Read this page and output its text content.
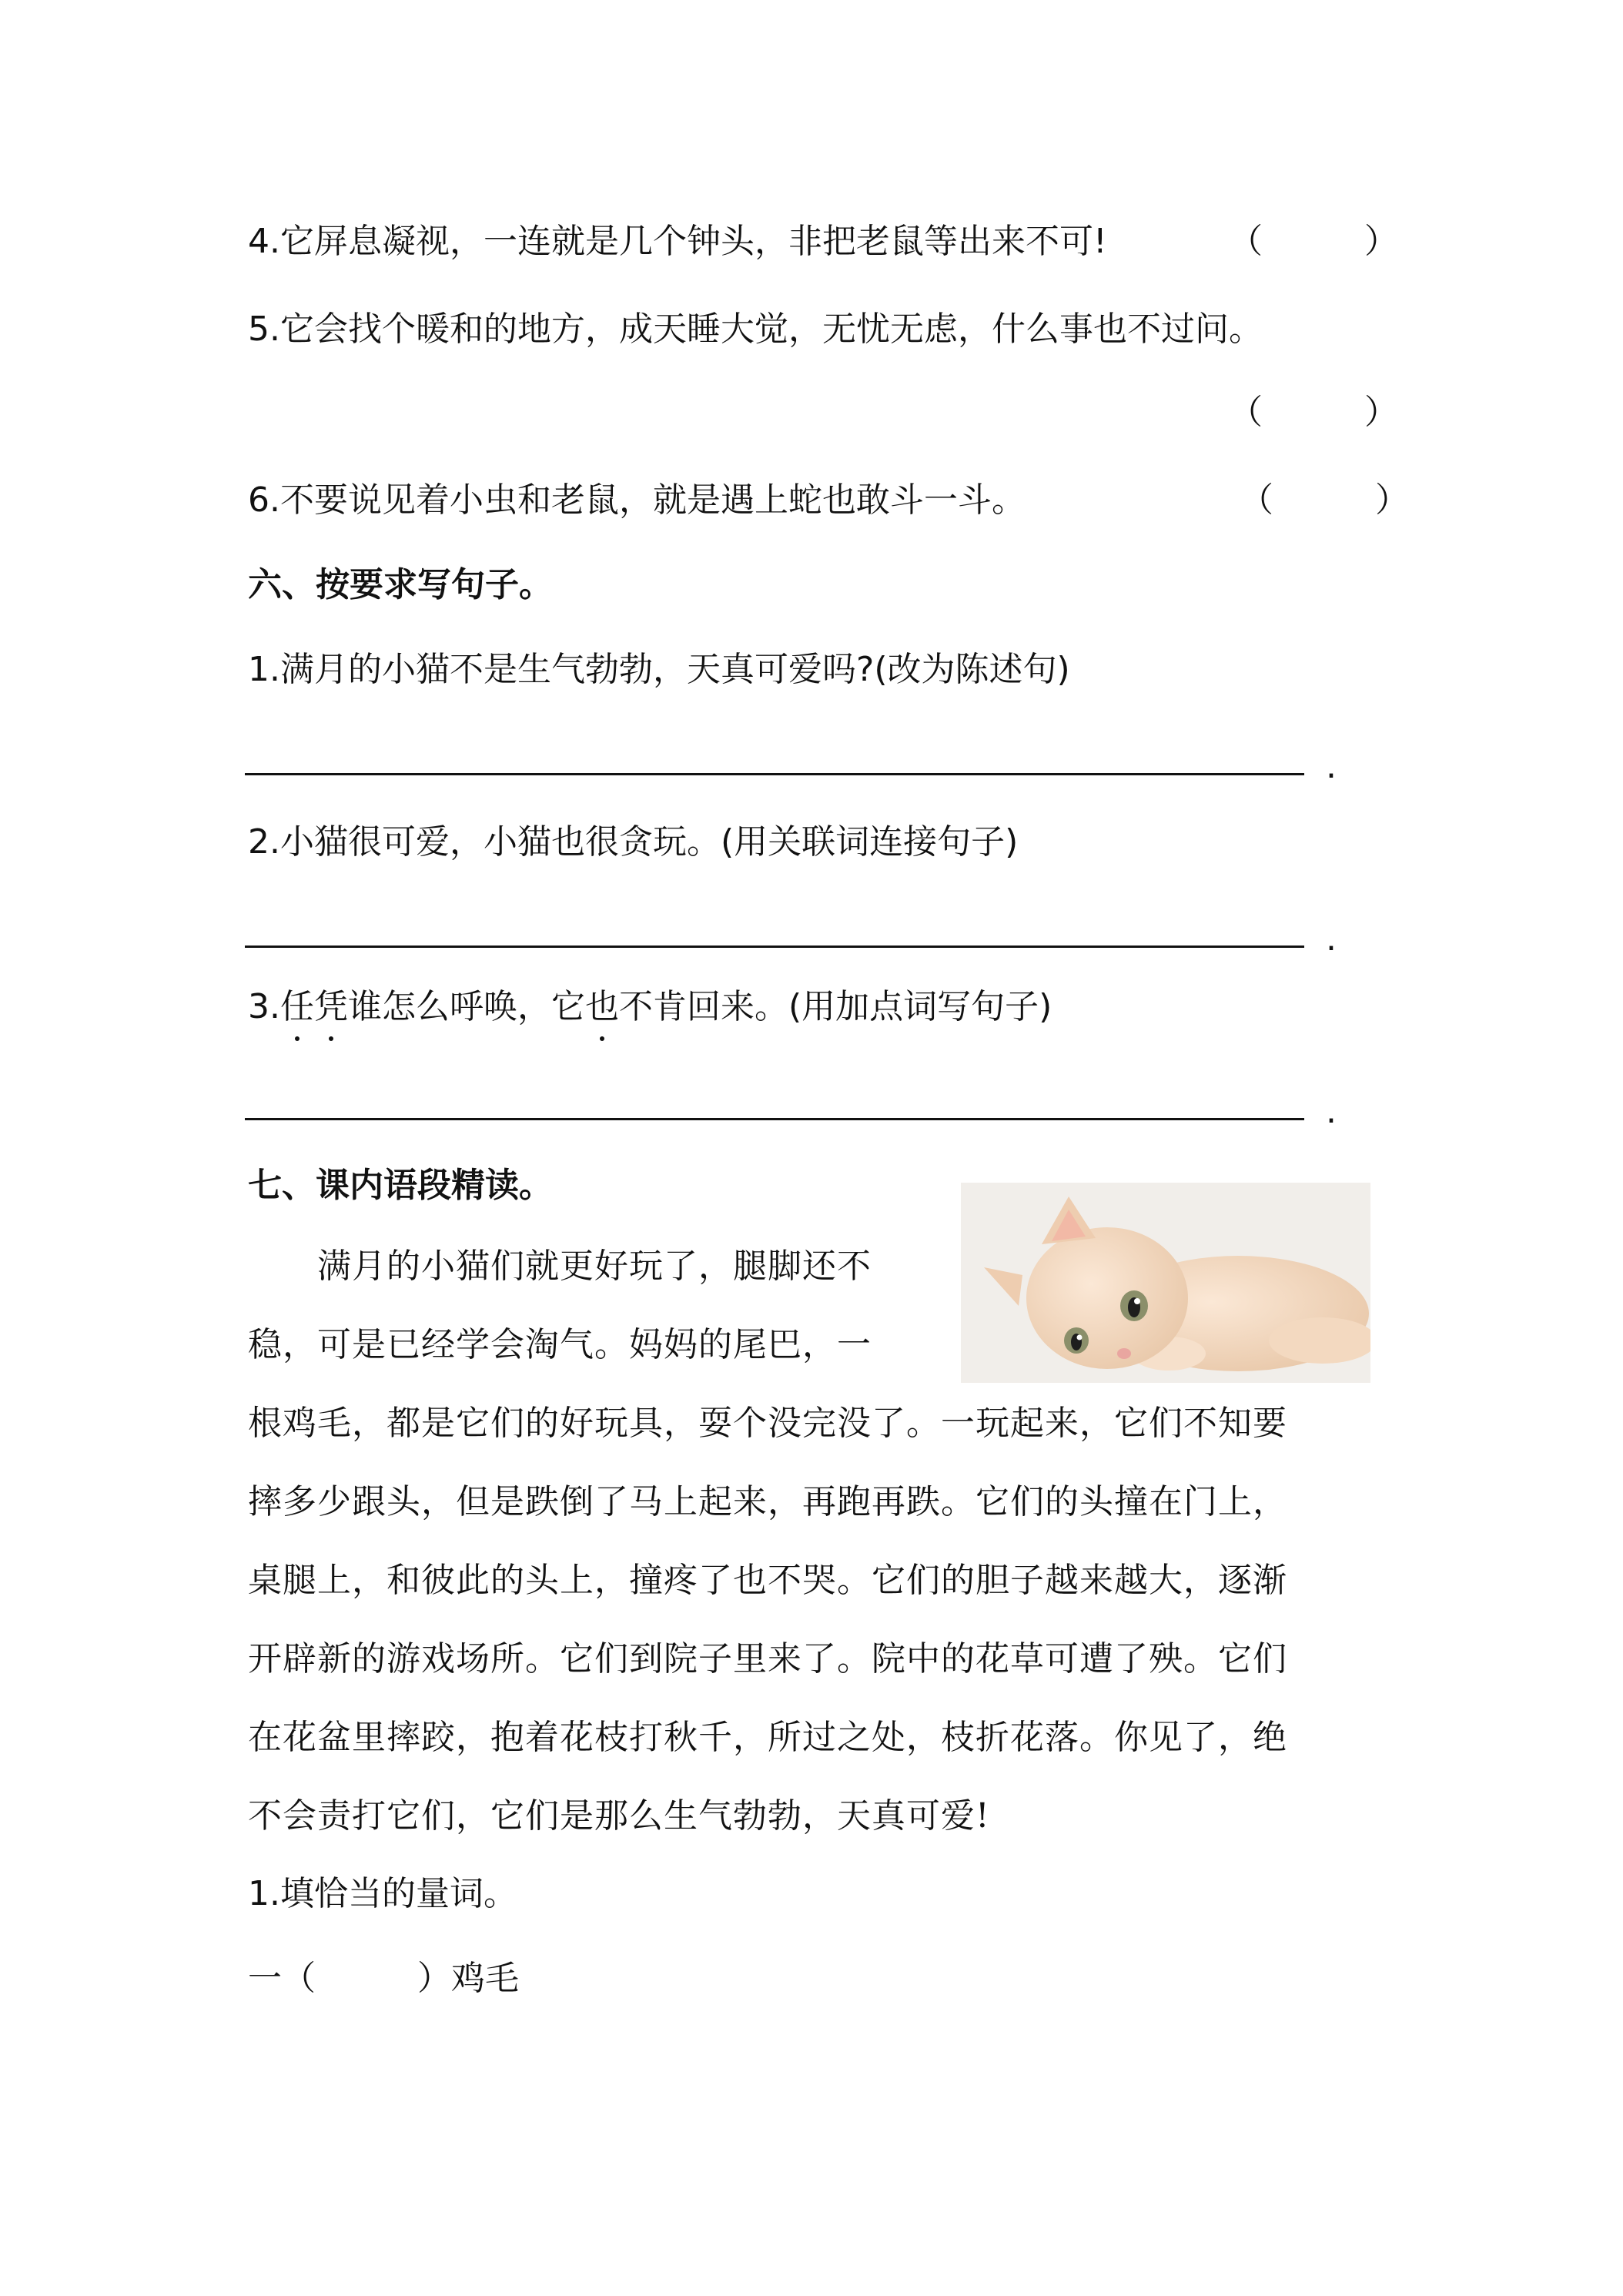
4.它屏息凝视，一连就是几个钟头，非把老鼠等出来不可!	（　　　）
5.它会找个暖和的地方，成天睡大觉，无忧无虑，什么事也不过问。
（　　　）
6.不要说见着小虫和老鼠，就是遇上蛇也敢斗一斗。	（　　　）
六、按要求写句子。
1.满月的小猫不是生气勃勃，天真可爱吗?(改为陈述句)
.
2.小猫很可爱，小猫也很贪玩。(用关联词连接句子)
.
3.任凭谁怎么呼唤，它也不肯回来。(用加点词写句子)
.
七、课内语段精读。
　　满月的小猫们就更好玩了，腿脚还不
稳，可是已经学会淘气。妈妈的尾巴，一
根鸡毛，都是它们的好玩具，耍个没完没了。一玩起来，它们不知要
摔多少跟头，但是跌倒了马上起来，再跑再跌。它们的头撞在门上，
桌腿上，和彼此的头上，撞疼了也不哭。它们的胆子越来越大，逐渐
开辟新的游戏场所。它们到院子里来了。院中的花草可遭了殃。它们
在花盆里摔跤，抱着花枝打秋千，所过之处，枝折花落。你见了，绝
不会责打它们，它们是那么生气勃勃，天真可爱!
1.填恰当的量词。
一（　　　）鸡毛
